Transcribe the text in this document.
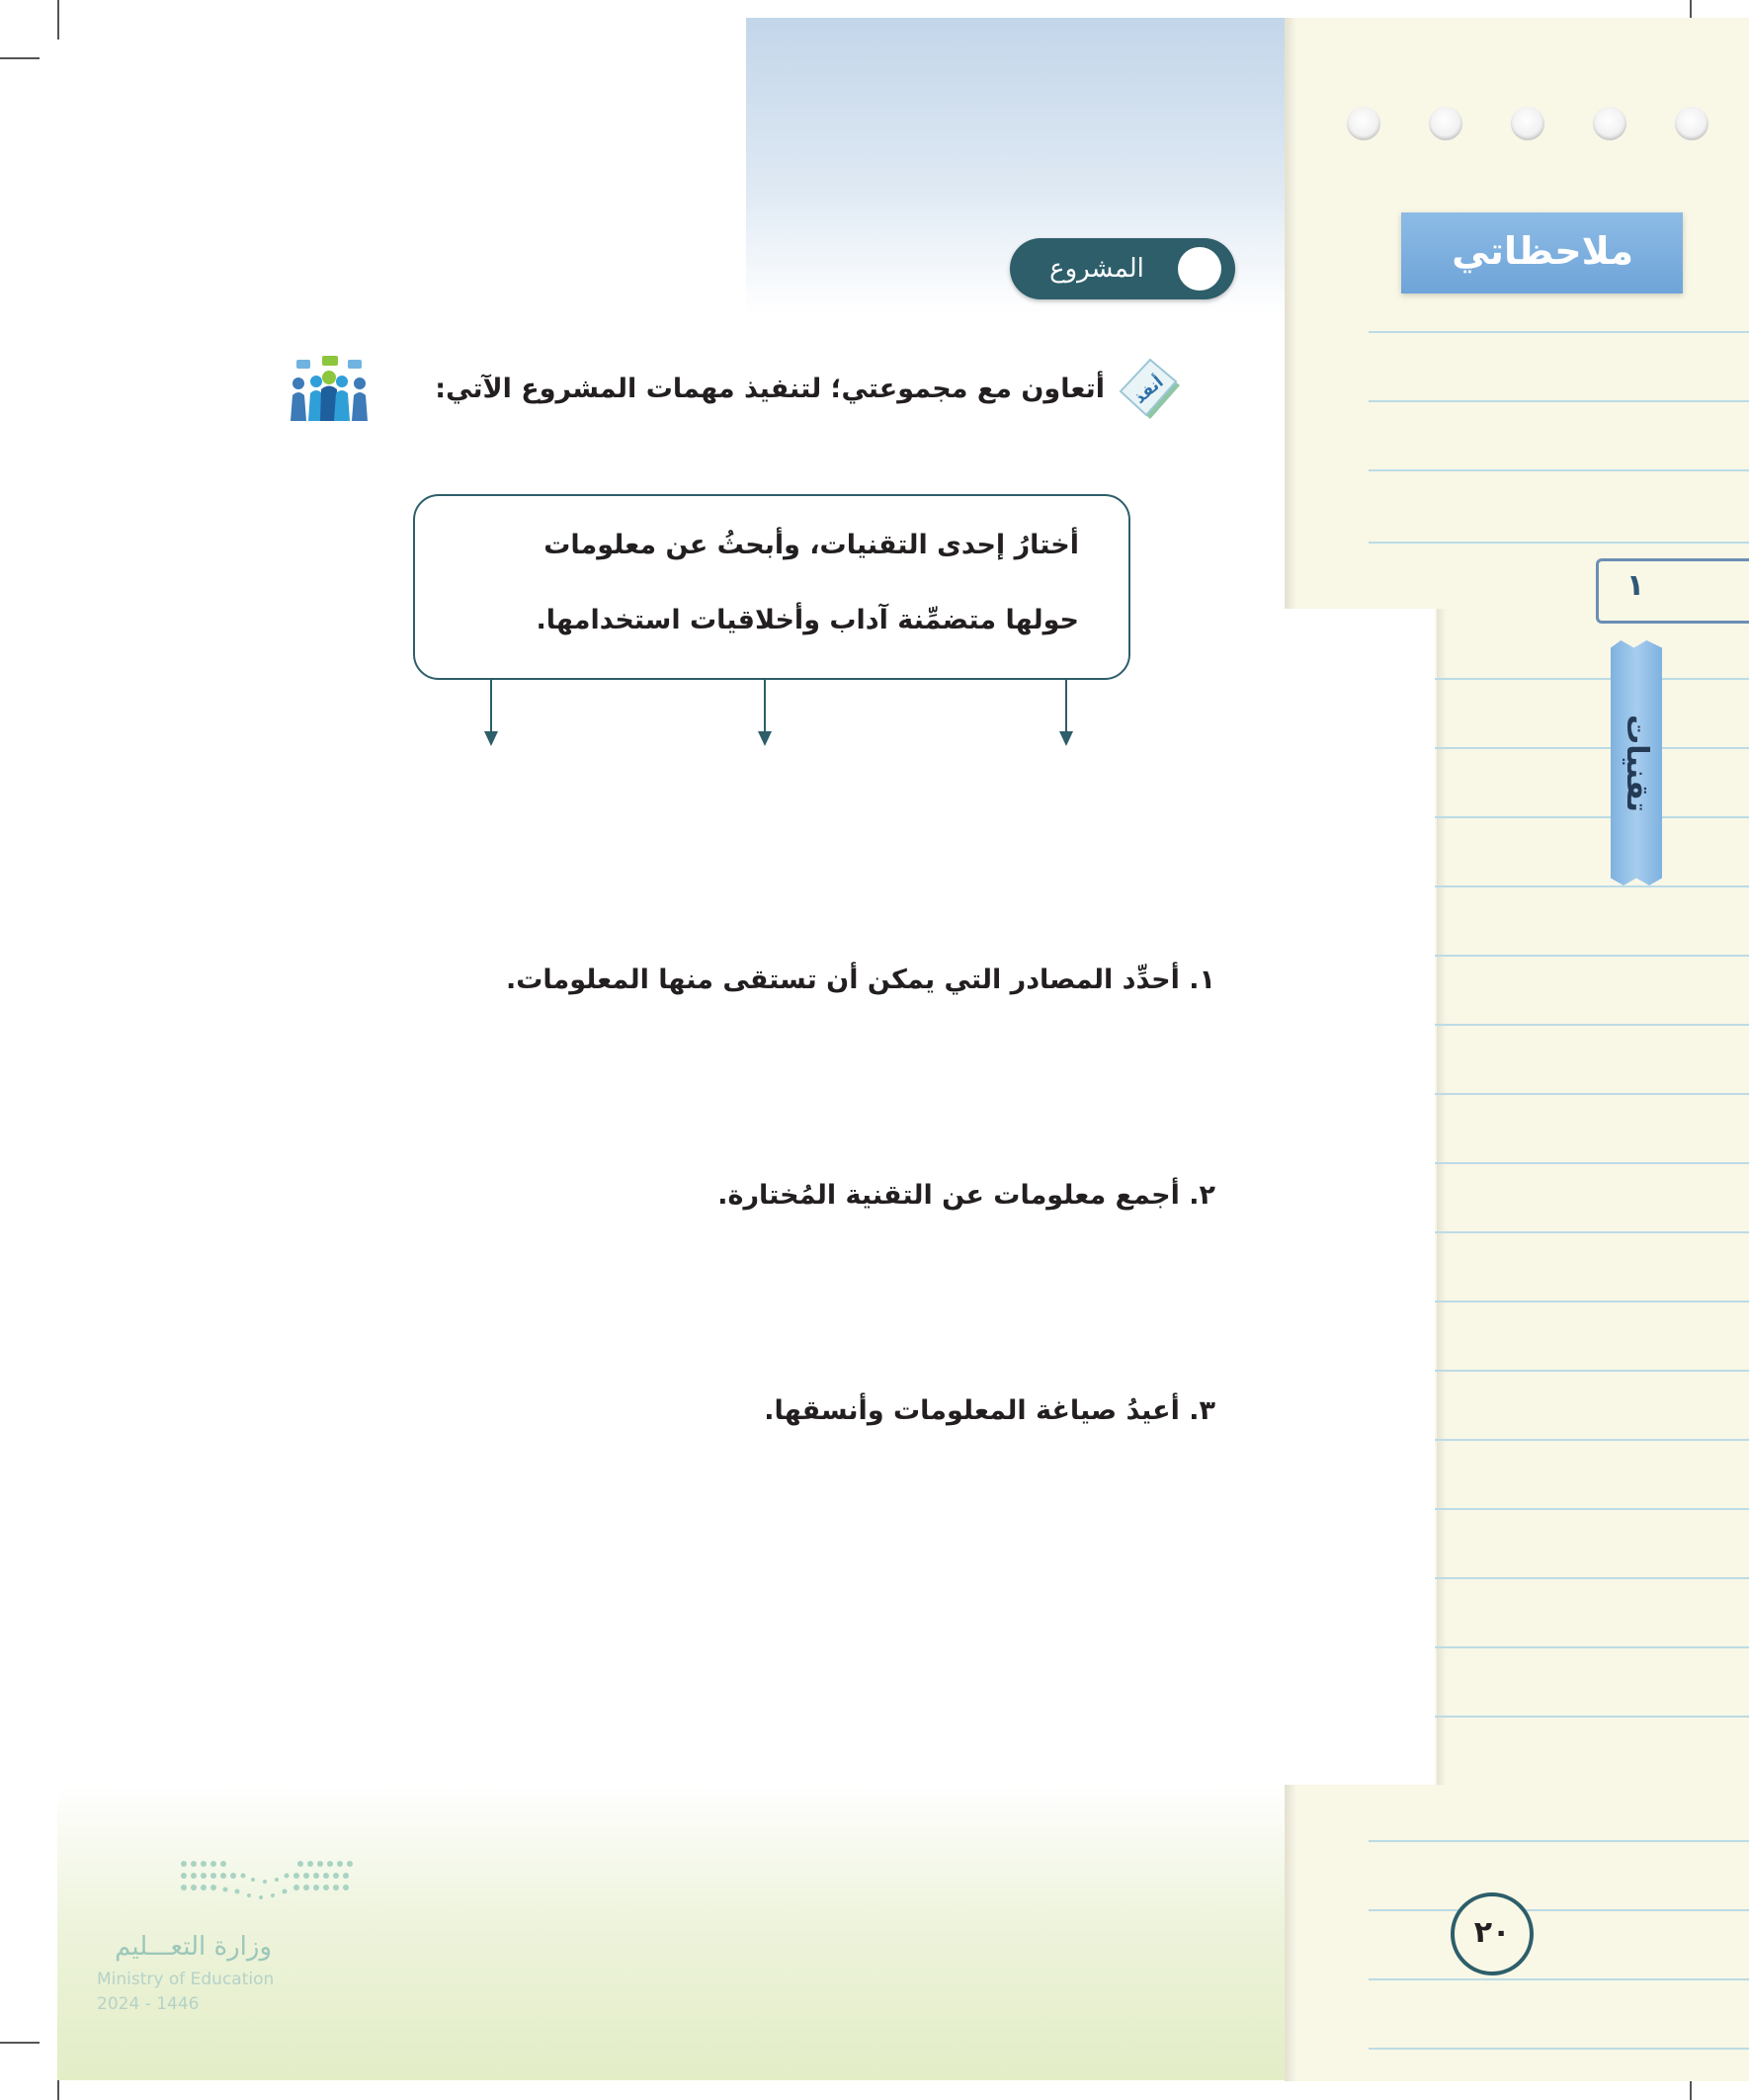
ملاحظاتي
١
تقنيات
المشروع
أنفذ
أتعاون مع مجموعتي؛ لتنفيذ مهمات المشروع الآتي:
أختارُ إحدى التقنيات، وأبحثُ عن معلومات
حولها متضمِّنة آداب وأخلاقيات استخدامها.
١. أحدِّد المصادر التي يمكن أن تستقى منها المعلومات.
٢. أجمع معلومات عن التقنية المُختارة.
٣. أعيدُ صياغة المعلومات وأنسقها.
٢٠
وزارة التعـــليم
Ministry of Education
2024 - 1446
